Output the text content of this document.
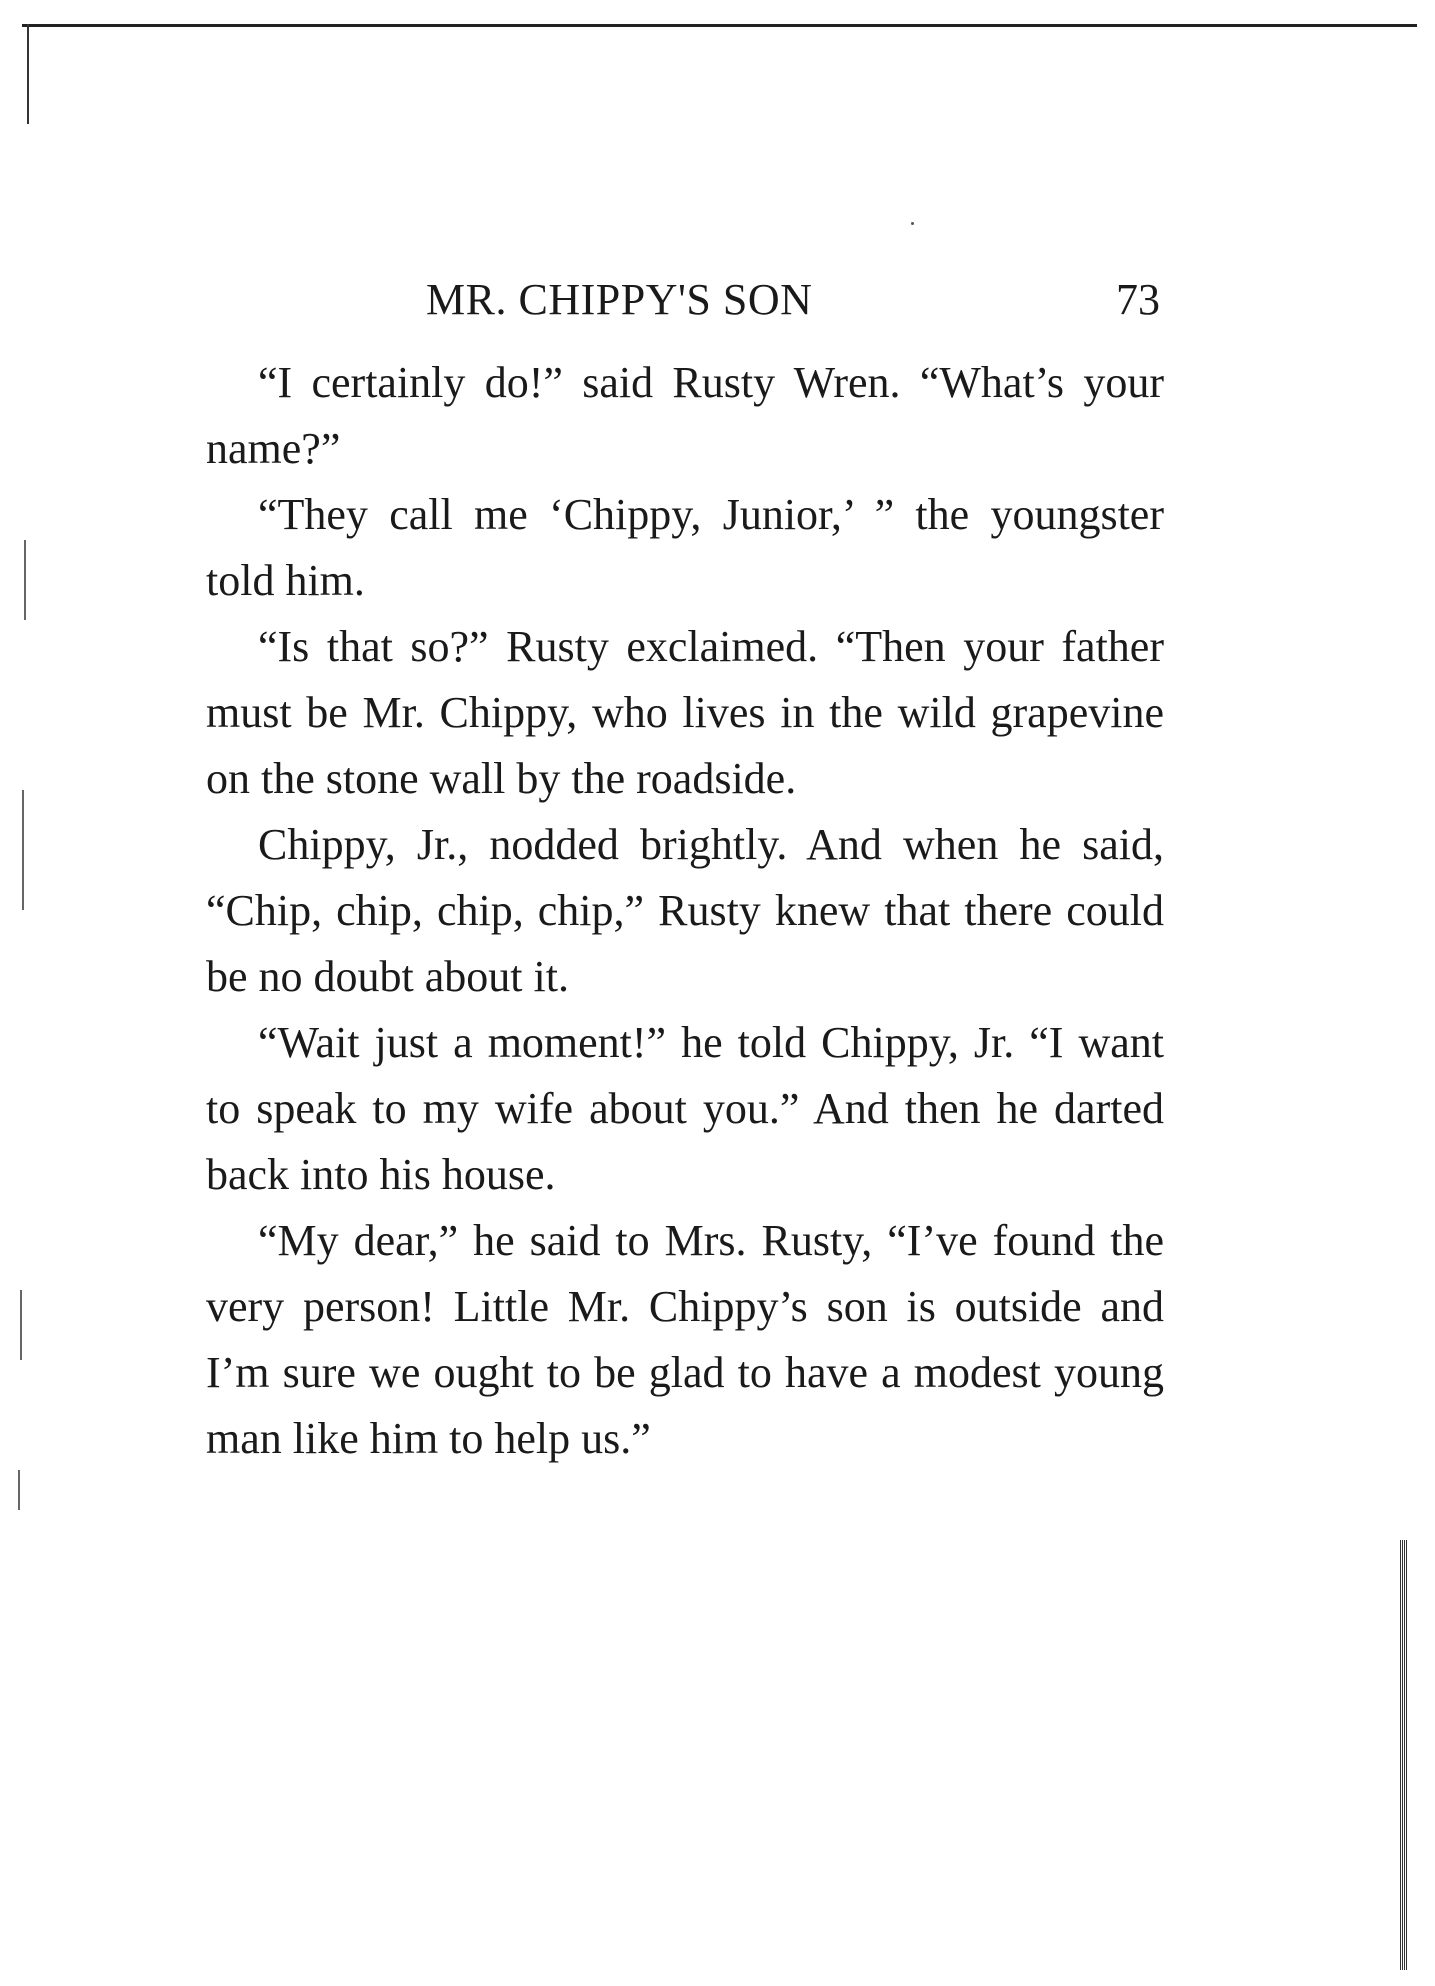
MR. CHIPPY'S SON	73

“I certainly do!” said Rusty Wren. “What’s your name?”

“They call me ‘Chippy, Junior,’ ” the youngster told him.

“Is that so?” Rusty exclaimed. “Then your father must be Mr. Chippy, who lives in the wild grapevine on the stone wall by the roadside.

Chippy, Jr., nodded brightly. And when he said, “Chip, chip, chip, chip,” Rusty knew that there could be no doubt about it.

“Wait just a moment!” he told Chippy, Jr. “I want to speak to my wife about you.” And then he darted back into his house.

“My dear,” he said to Mrs. Rusty, “I’ve found the very person! Little Mr. Chippy’s son is outside and I’m sure we ought to be glad to have a modest young man like him to help us.”
